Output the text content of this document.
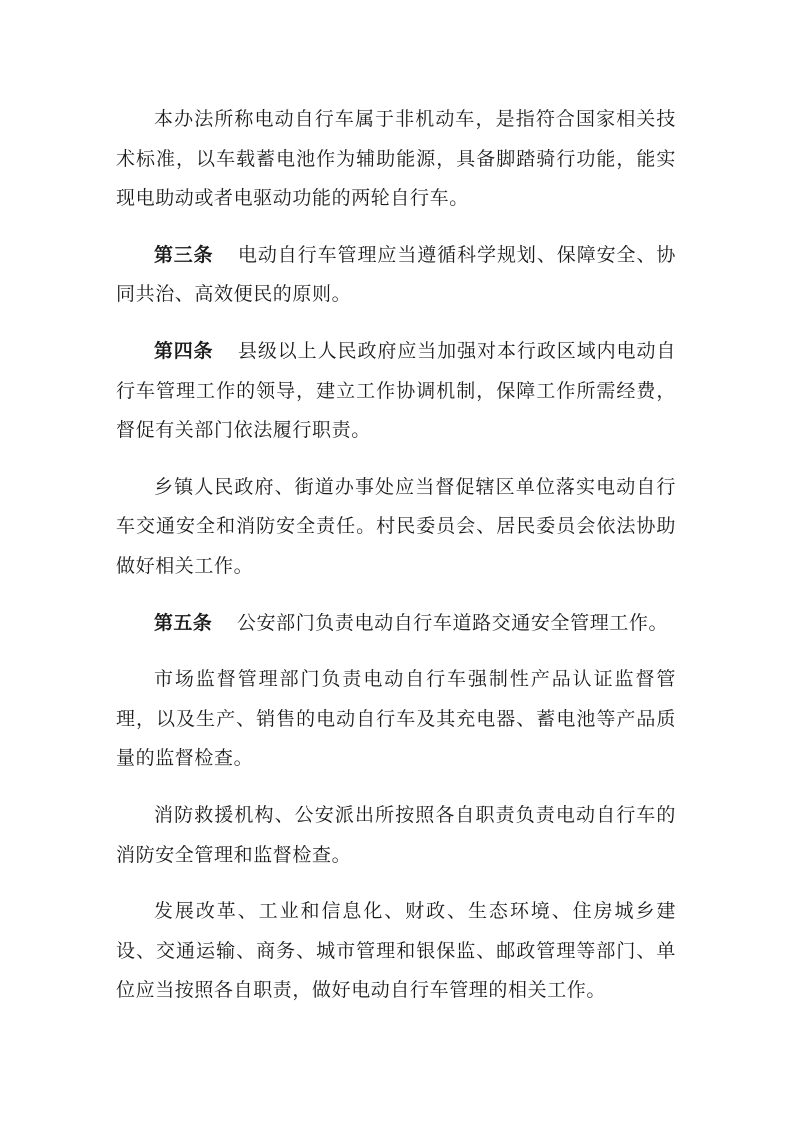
本办法所称电动自行车属于非机动车，是指符合国家相关技术标准，以车载蓄电池作为辅助能源，具备脚踏骑行功能，能实现电助动或者电驱动功能的两轮自行车。

第三条 电动自行车管理应当遵循科学规划、保障安全、协同共治、高效便民的原则。

第四条 县级以上人民政府应当加强对本行政区域内电动自行车管理工作的领导，建立工作协调机制，保障工作所需经费，督促有关部门依法履行职责。

乡镇人民政府、街道办事处应当督促辖区单位落实电动自行车交通安全和消防安全责任。村民委员会、居民委员会依法协助做好相关工作。

第五条 公安部门负责电动自行车道路交通安全管理工作。

市场监督管理部门负责电动自行车强制性产品认证监督管理，以及生产、销售的电动自行车及其充电器、蓄电池等产品质量的监督检查。

消防救援机构、公安派出所按照各自职责负责电动自行车的消防安全管理和监督检查。

发展改革、工业和信息化、财政、生态环境、住房城乡建设、交通运输、商务、城市管理和银保监、邮政管理等部门、单位应当按照各自职责，做好电动自行车管理的相关工作。
